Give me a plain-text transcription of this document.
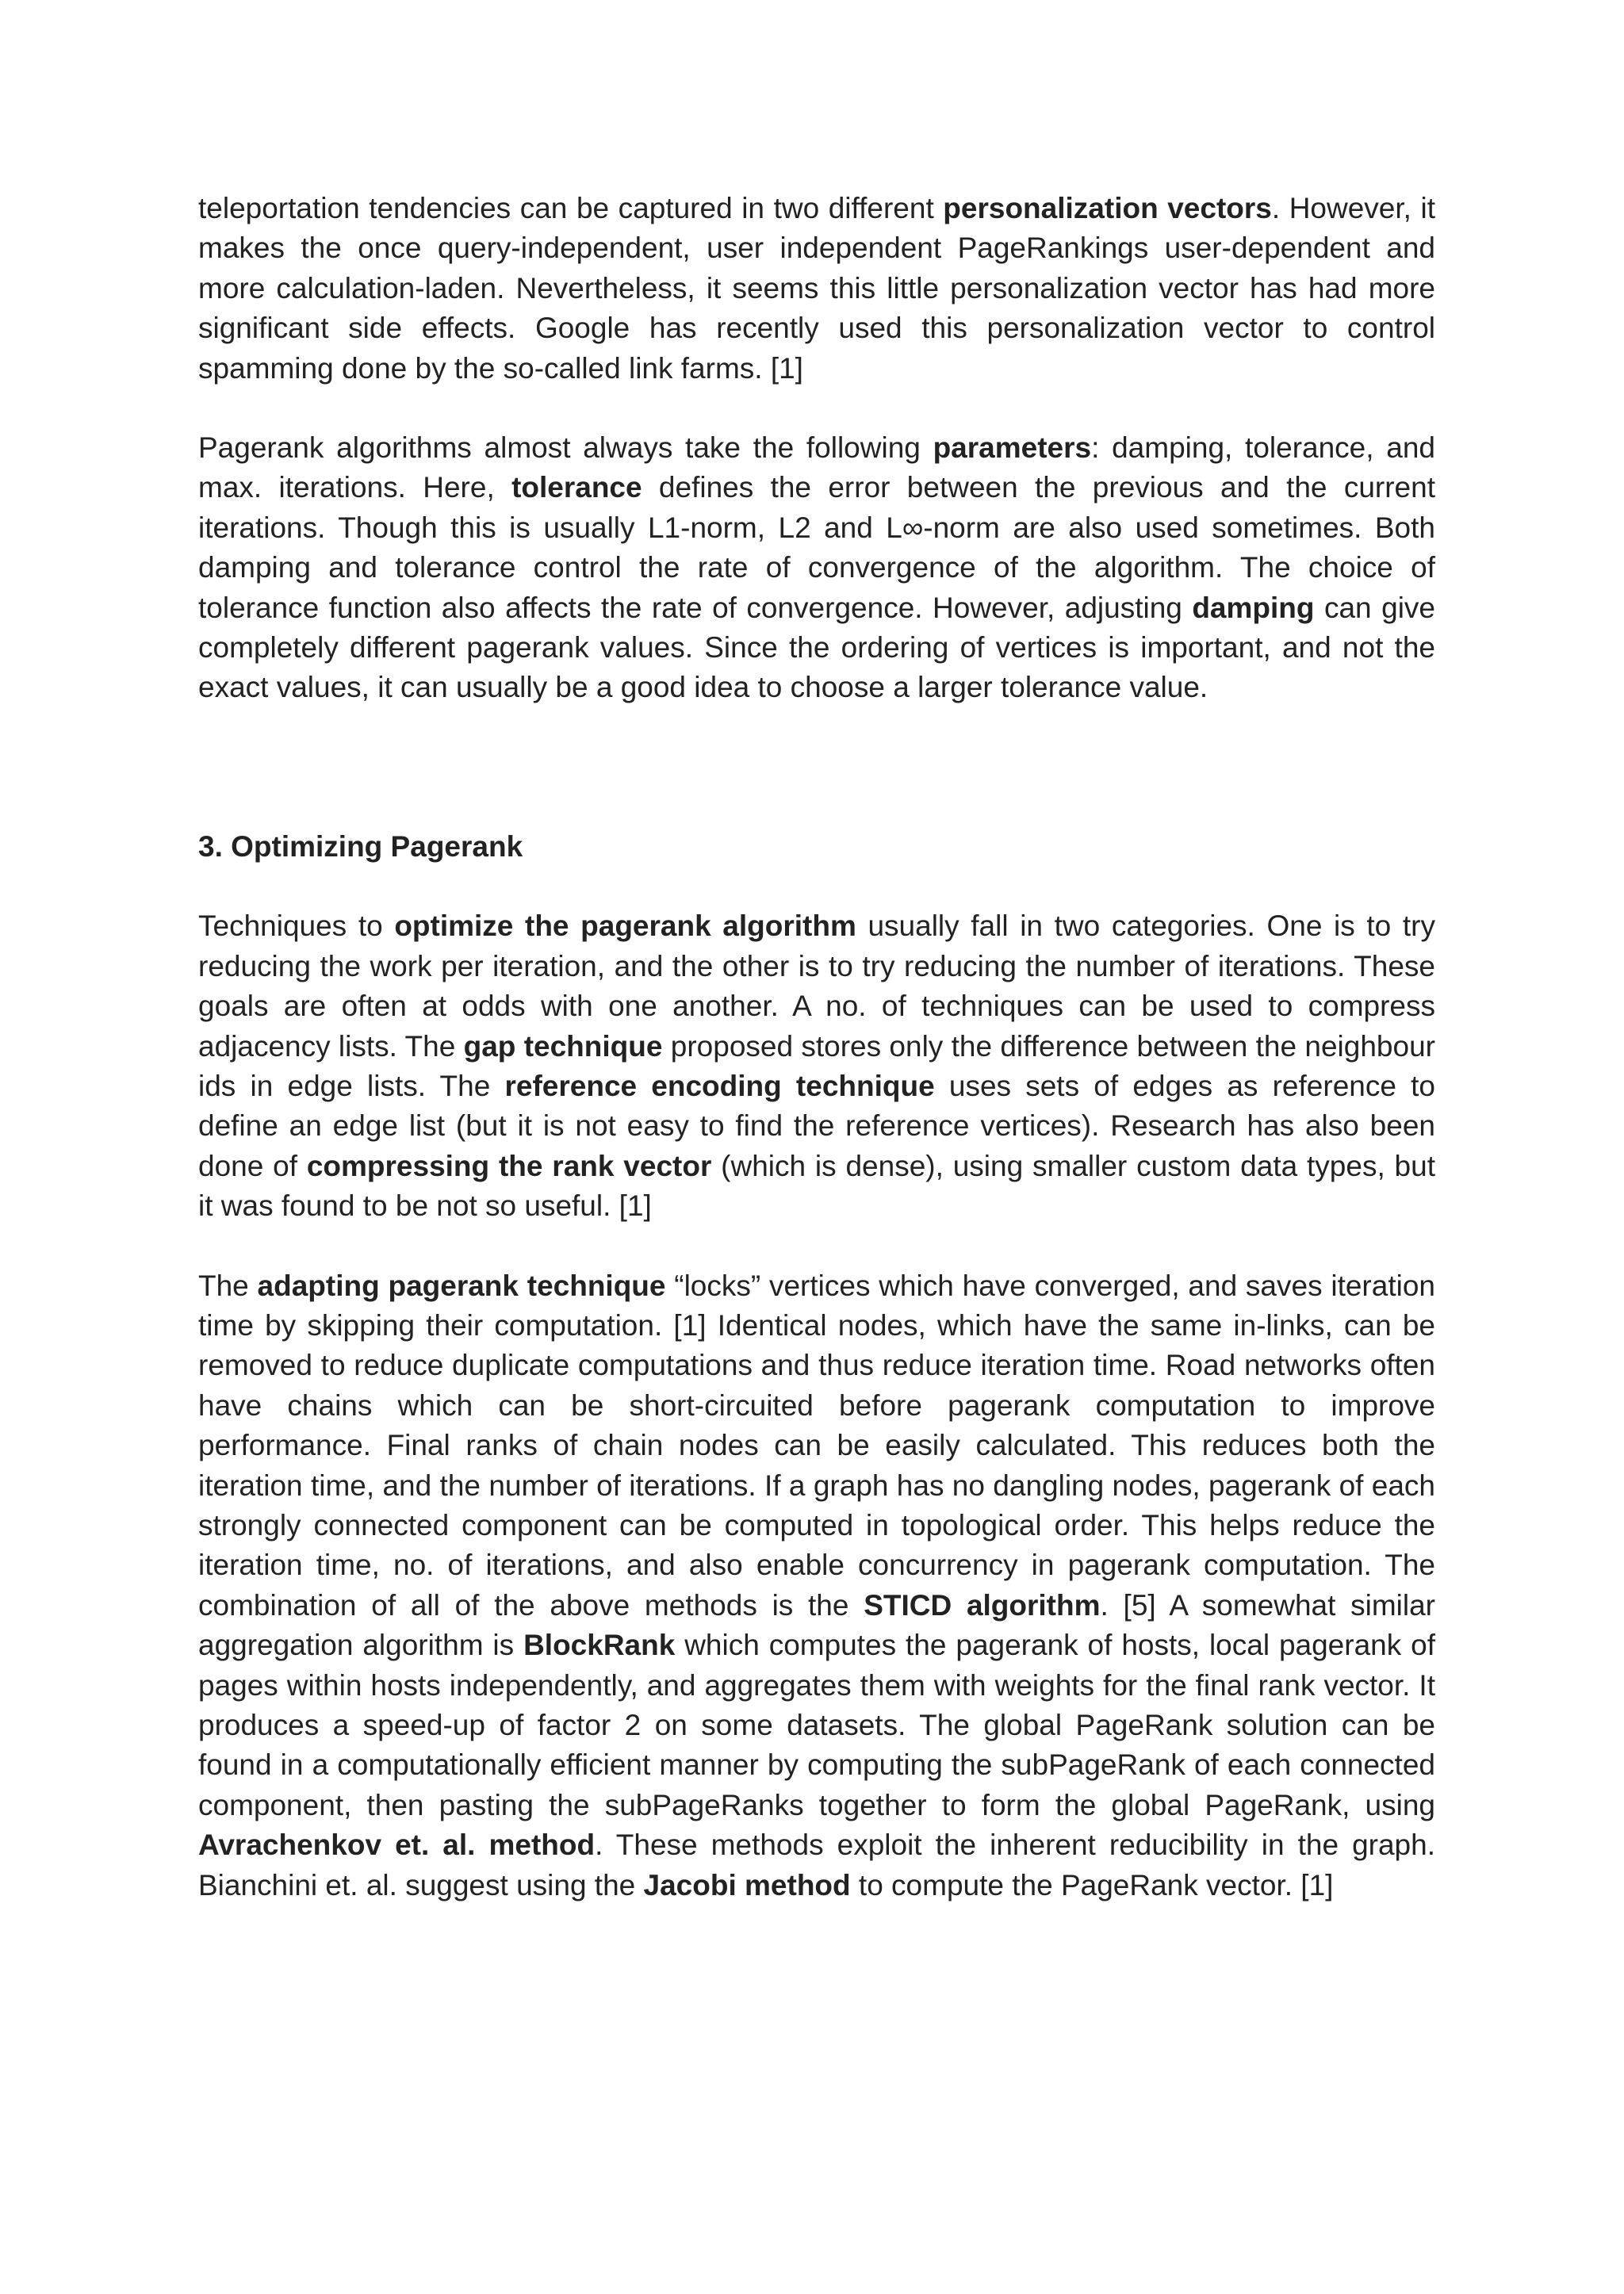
teleportation tendencies can be captured in two different personalization vectors. However, it makes the once query-independent, user independent PageRankings user-dependent and more calculation-laden. Nevertheless, it seems this little personalization vector has had more significant side effects. Google has recently used this personalization vector to control spamming done by the so-called link farms. [1]

Pagerank algorithms almost always take the following parameters: damping, tolerance, and max. iterations. Here, tolerance defines the error between the previous and the current iterations. Though this is usually L1-norm, L2 and L∞-norm are also used sometimes. Both damping and tolerance control the rate of convergence of the algorithm. The choice of tolerance function also affects the rate of convergence. However, adjusting damping can give completely different pagerank values. Since the ordering of vertices is important, and not the exact values, it can usually be a good idea to choose a larger tolerance value.

3. Optimizing Pagerank

Techniques to optimize the pagerank algorithm usually fall in two categories. One is to try reducing the work per iteration, and the other is to try reducing the number of iterations. These goals are often at odds with one another. A no. of techniques can be used to compress adjacency lists. The gap technique proposed stores only the difference between the neighbour ids in edge lists. The reference encoding technique uses sets of edges as reference to define an edge list (but it is not easy to find the reference vertices). Research has also been done of compressing the rank vector (which is dense), using smaller custom data types, but it was found to be not so useful. [1]

The adapting pagerank technique “locks” vertices which have converged, and saves iteration time by skipping their computation. [1] Identical nodes, which have the same in-links, can be removed to reduce duplicate computations and thus reduce iteration time. Road networks often have chains which can be short-circuited before pagerank computation to improve performance. Final ranks of chain nodes can be easily calculated. This reduces both the iteration time, and the number of iterations. If a graph has no dangling nodes, pagerank of each strongly connected component can be computed in topological order. This helps reduce the iteration time, no. of iterations, and also enable concurrency in pagerank computation. The combination of all of the above methods is the STICD algorithm. [5] A somewhat similar aggregation algorithm is BlockRank which computes the pagerank of hosts, local pagerank of pages within hosts independently, and aggregates them with weights for the final rank vector. It produces a speed-up of factor 2 on some datasets. The global PageRank solution can be found in a computationally efficient manner by computing the subPageRank of each connected component, then pasting the subPageRanks together to form the global PageRank, using Avrachenkov et. al. method. These methods exploit the inherent reducibility in the graph. Bianchini et. al. suggest using the Jacobi method to compute the PageRank vector. [1]
